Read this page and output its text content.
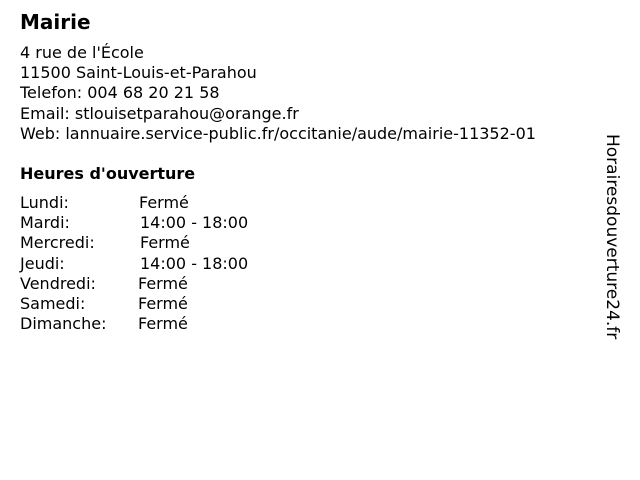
Mairie
4 rue de l'École
11500 Saint-Louis-et-Parahou
Telefon: 004 68 20 21 58
Email: stlouisetparahou@orange.fr
Web: lannuaire.service-public.fr/occitanie/aude/mairie-11352-01
Heures d'ouverture
Lundi:	Fermé
Mardi:	14:00 - 18:00
Mercredi:	Fermé
Jeudi:	14:00 - 18:00
Vendredi:	Fermé
Samedi:	Fermé
Dimanche: Fermé	Horairesdouverture24.fr
